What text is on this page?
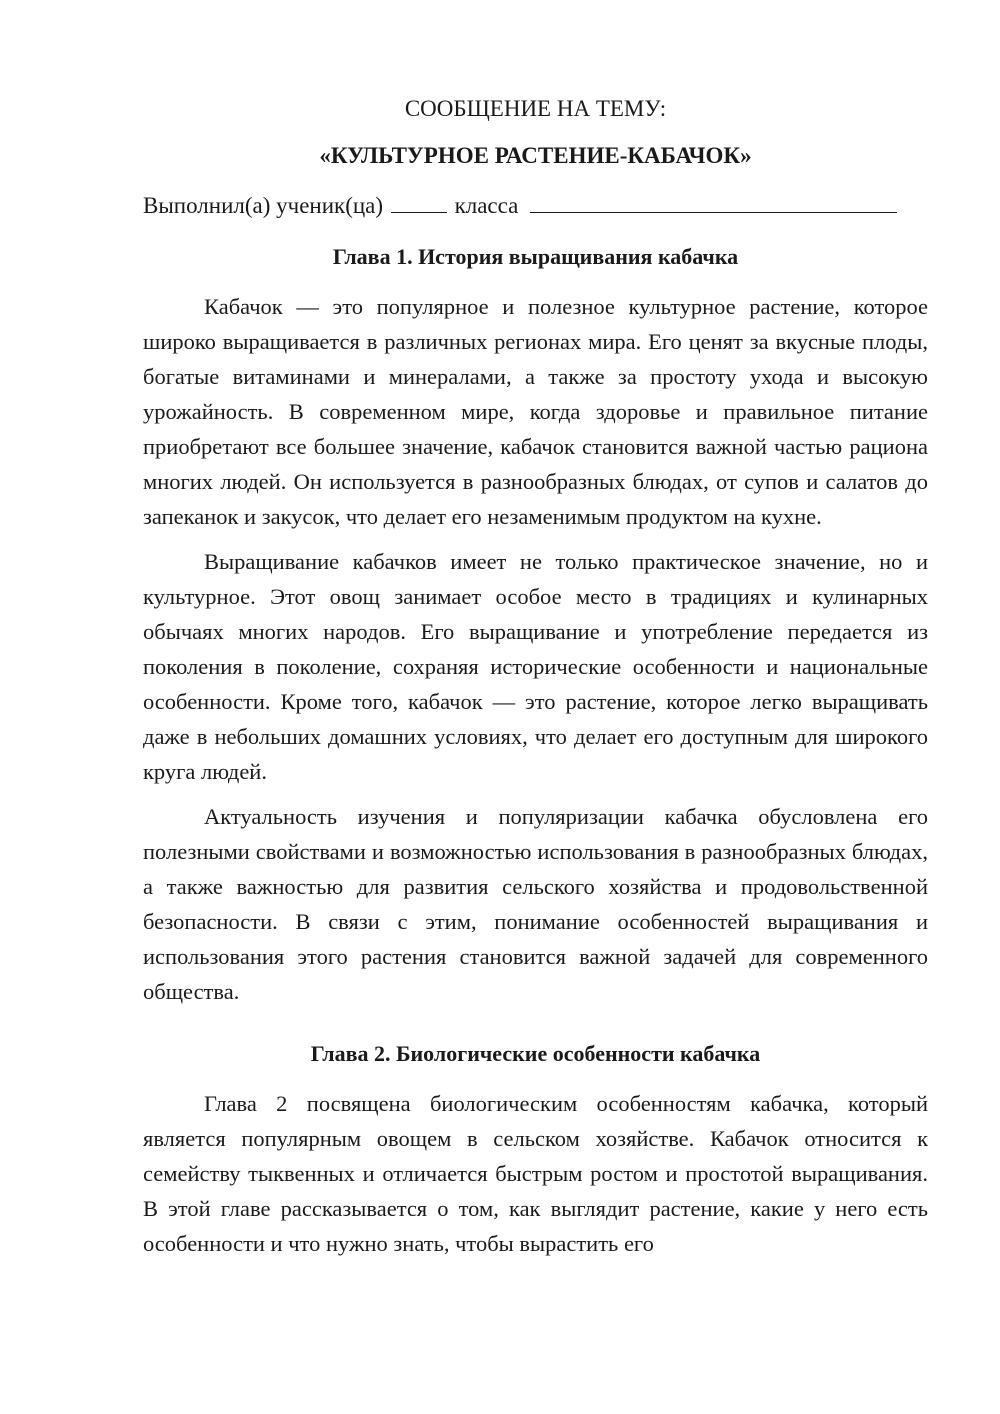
СООБЩЕНИЕ НА ТЕМУ:
«КУЛЬТУРНОЕ РАСТЕНИЕ-КАБАЧОК»
Выполнил(а) ученик(ца)	класса
Глава 1. История выращивания кабачка

Кабачок — это популярное и полезное культурное растение, которое широко выращивается в различных регионах мира. Его ценят за вкусные плоды, богатые витаминами и минералами, а также за простоту ухода и высокую урожайность. В современном мире, когда здоровье и правильное питание приобретают все большее значение, кабачок становится важной частью рациона многих людей. Он используется в разнообразных блюдах, от супов и салатов до запеканок и закусок, что делает его незаменимым продуктом на кухне.

Выращивание кабачков имеет не только практическое значение, но и культурное. Этот овощ занимает особое место в традициях и кулинарных обычаях многих народов. Его выращивание и употребление передается из поколения в поколение, сохраняя исторические особенности и национальные особенности. Кроме того, кабачок — это растение, которое легко выращивать даже в небольших домашних условиях, что делает его доступным для широкого круга людей.

Актуальность изучения и популяризации кабачка обусловлена его полезными свойствами и возможностью использования в разнообразных блюдах, а также важностью для развития сельского хозяйства и продовольственной безопасности. В связи с этим, понимание особенностей выращивания и использования этого растения становится важной задачей для современного общества.

Глава 2. Биологические особенности кабачка

Глава 2 посвящена биологическим особенностям кабачка, который является популярным овощем в сельском хозяйстве. Кабачок относится к семейству тыквенных и отличается быстрым ростом и простотой выращивания. В этой главе рассказывается о том, как выглядит растение, какие у него есть особенности и что нужно знать, чтобы вырастить его
